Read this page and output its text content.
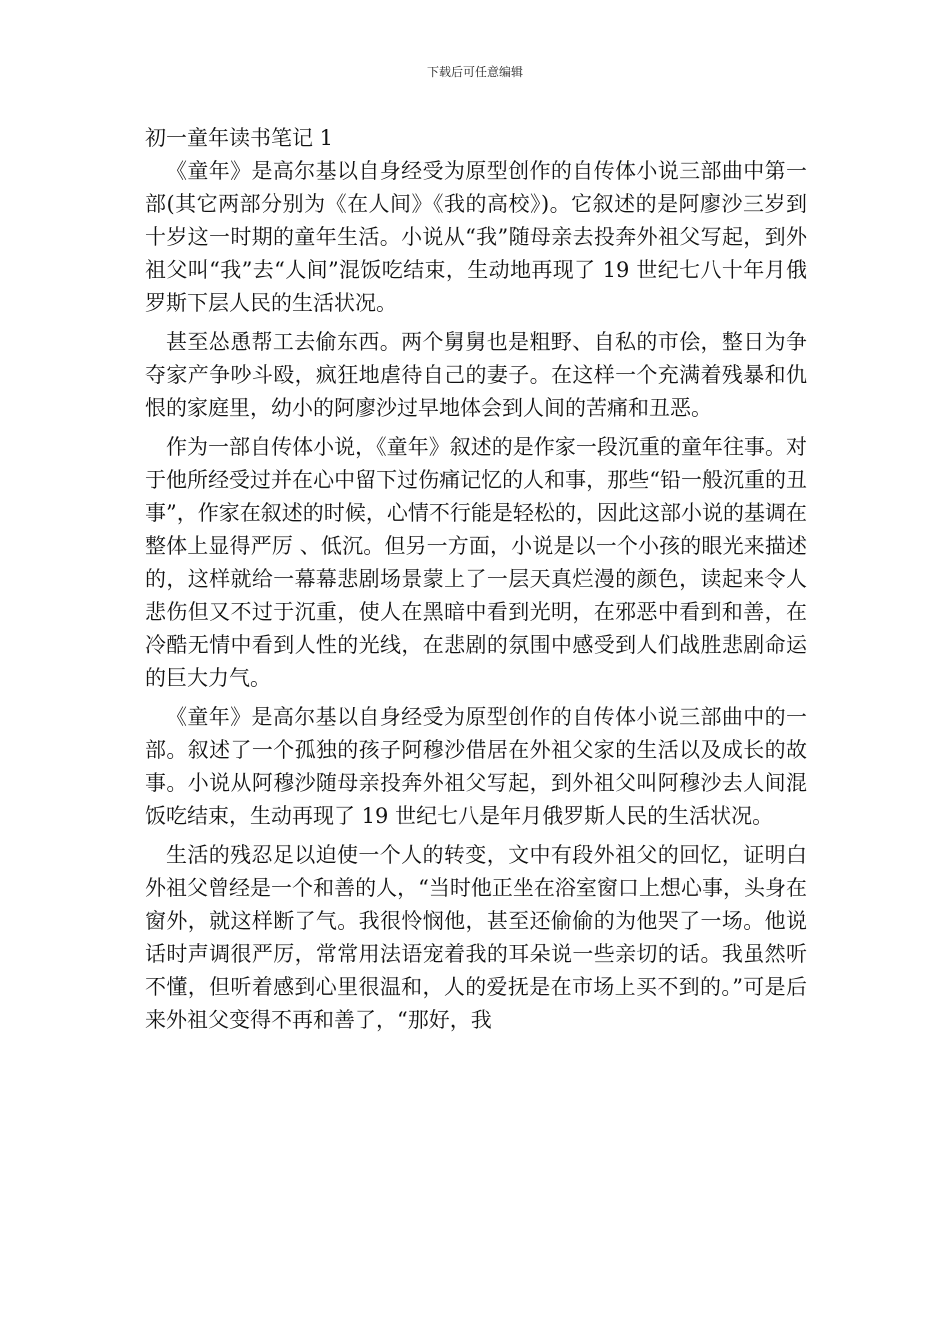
下载后可任意编辑
初一童年读书笔记 1

《童年》是高尔基以自身经受为原型创作的自传体小说三部曲中第一部(其它两部分别为《在人间》《我的高校》)。它叙述的是阿廖沙三岁到十岁这一时期的童年生活。小说从“我”随母亲去投奔外祖父写起，到外祖父叫“我”去“人间”混饭吃结束，生动地再现了 19 世纪七八十年月俄罗斯下层人民的生活状况。

甚至怂恿帮工去偷东西。两个舅舅也是粗野、自私的市侩，整日为争夺家产争吵斗殴，疯狂地虐待自己的妻子。在这样一个充满着残暴和仇恨的家庭里，幼小的阿廖沙过早地体会到人间的苦痛和丑恶。

作为一部自传体小说，《童年》叙述的是作家一段沉重的童年往事。对于他所经受过并在心中留下过伤痛记忆的人和事，那些“铅一般沉重的丑事”，作家在叙述的时候，心情不行能是轻松的，因此这部小说的基调在整体上显得严厉 、低沉。但另一方面，小说是以一个小孩的眼光来描述的，这样就给一幕幕悲剧场景蒙上了一层天真烂漫的颜色，读起来令人悲伤但又不过于沉重，使人在黑暗中看到光明，在邪恶中看到和善，在冷酷无情中看到人性的光线，在悲剧的氛围中感受到人们战胜悲剧命运的巨大力气。

《童年》是高尔基以自身经受为原型创作的自传体小说三部曲中的一部。叙述了一个孤独的孩子阿穆沙借居在外祖父家的生活以及成长的故事。小说从阿穆沙随母亲投奔外祖父写起，到外祖父叫阿穆沙去人间混饭吃结束，生动再现了 19 世纪七八是年月俄罗斯人民的生活状况。

生活的残忍足以迫使一个人的转变，文中有段外祖父的回忆，证明白外祖父曾经是一个和善的人，“当时他正坐在浴室窗口上想心事，头身在窗外，就这样断了气。我很怜悯他，甚至还偷偷的为他哭了一场。他说话时声调很严厉，常常用法语宠着我的耳朵说一些亲切的话。我虽然听不懂，但听着感到心里很温和，人的爱抚是在市场上买不到的。”可是后来外祖父变得不再和善了，“那好，我
